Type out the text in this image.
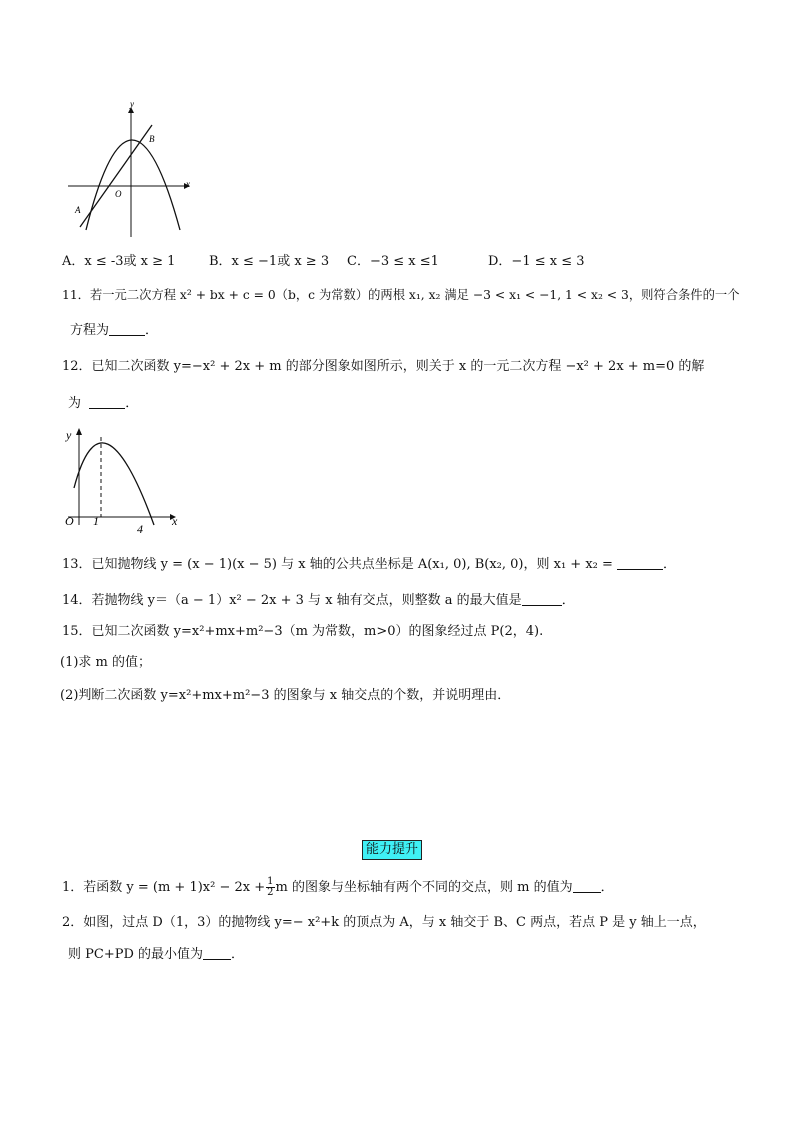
y
x
O
A
B
A．x ≤ -3或 x ≥ 1	B．x ≤ −1或 x ≥ 3 C．−3 ≤ x ≤1	D．−1 ≤ x ≤ 3
11．若一元二次方程 x² + bx + c = 0（b，c 为常数）的两根 x₁, x₂ 满足 −3 < x₁ < −1, 1 < x₂ < 3，则符合条件的一个
方程为	．
12．已知二次函数 y=−x² + 2x + m 的部分图象如图所示，则关于 x 的一元二次方程 −x² + 2x + m=0 的解
为	．
y
x
O 1
4
13．已知抛物线 y = (x − 1)(x − 5) 与 x 轴的公共点坐标是 A(x₁, 0), B(x₂, 0)，则 x₁ + x₂ =	．
14．若抛物线 y＝（a − 1）x² − 2x + 3 与 x 轴有交点，则整数 a 的最大值是	．
15．已知二次函数 y=x²+mx+m²−3（m 为常数，m>0）的图象经过点 P(2，4).
(1)求 m 的值；
(2)判断二次函数 y=x²+mx+m²−3 的图象与 x 轴交点的个数，并说明理由．
能力提升
1．若函数 $y = (m + 1)x^2 - 2x + \frac{1}{2}$ m 的图象与坐标轴有两个不同的交点，则 m 的值为 ．
2．如图，过点 D（1，3）的抛物线 y=− x²+k 的顶点为 A，与 x 轴交于 B、C 两点，若点 P 是 y 轴上一点，
则 PC+PD 的最小值为 ．
